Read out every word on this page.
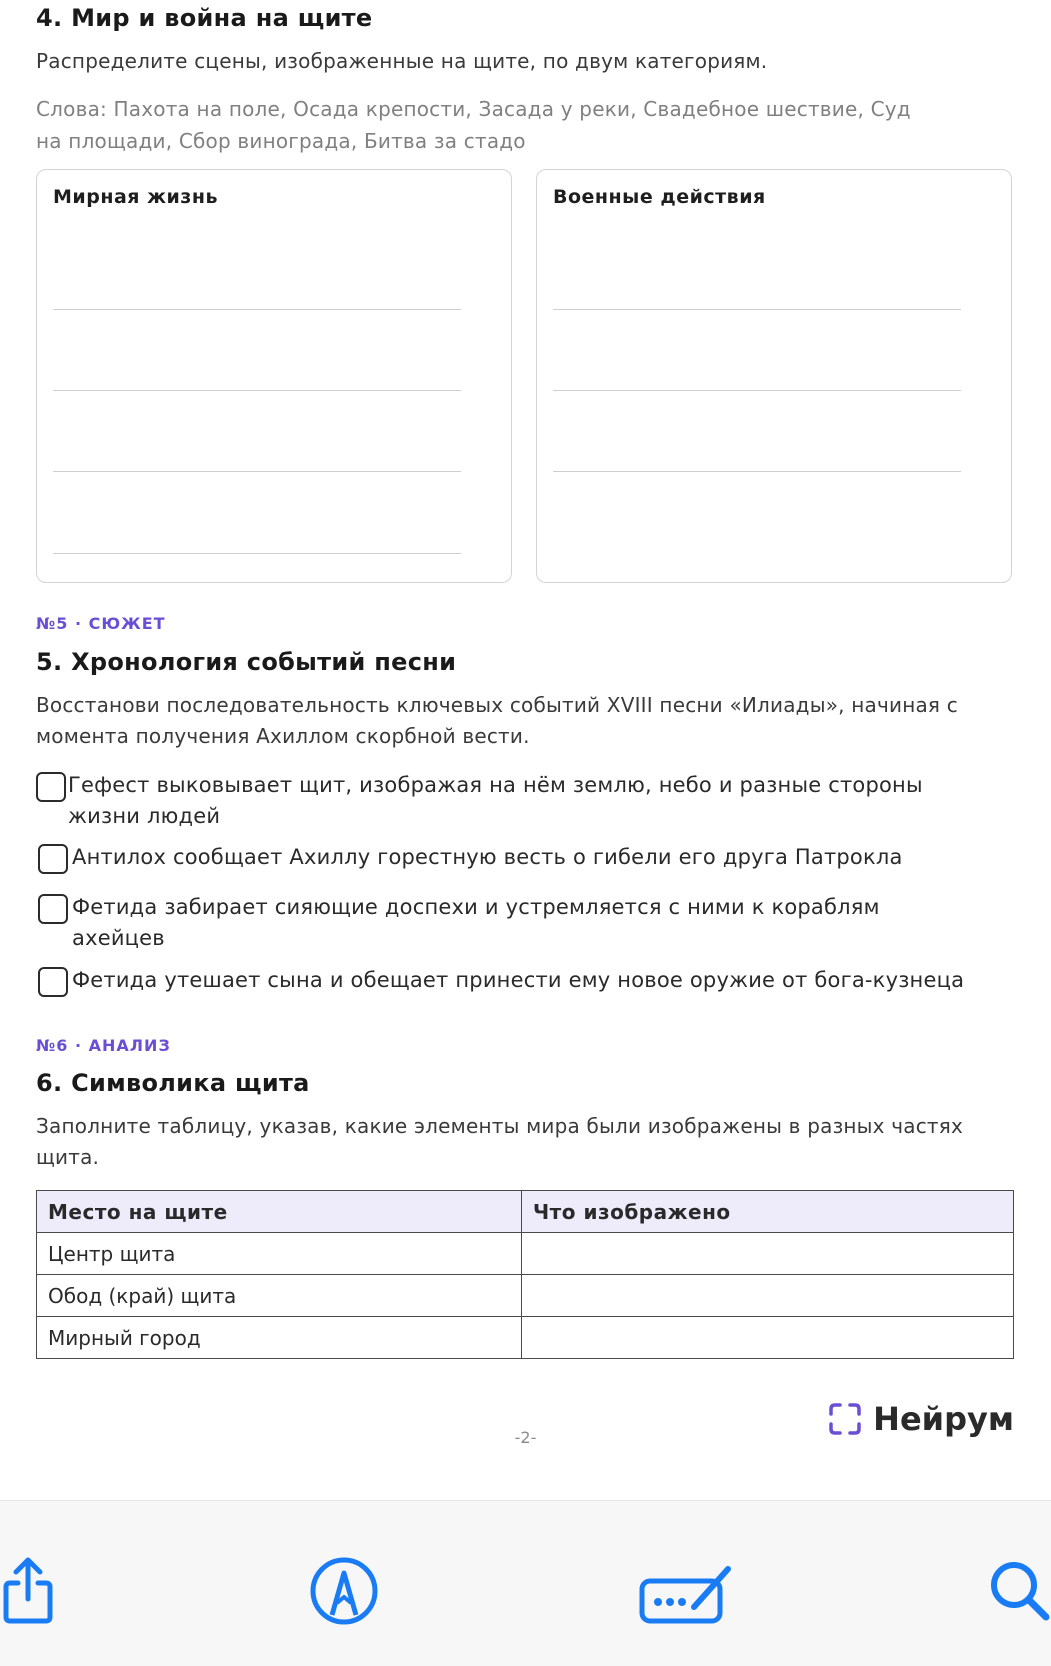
4. Мир и война на щите
Распределите сцены, изображенные на щите, по двум категориям.
Слова: Пахота на поле, Осада крепости, Засада у реки, Свадебное шествие, Суд
на площади, Сбор винограда, Битва за стадо
Мирная жизнь	Военные действия
№5 · СЮЖЕТ
5. Хронология событий песни
Восстанови последовательность ключевых событий XVIII песни «Илиады», начиная с
момента получения Ахиллом скорбной вести.
Гефест выковывает щит, изображая на нём землю, небо и разные стороны
жизни людей
Антилох сообщает Ахиллу горестную весть о гибели его друга Патрокла
Фетида забирает сияющие доспехи и устремляется с ними к кораблям
ахейцев
Фетида утешает сына и обещает принести ему новое оружие от бога-кузнеца
№6 · АНАЛИЗ
6. Символика щита
Заполните таблицу, указав, какие элементы мира были изображены в разных частях
щита.
Место на щите	Что изображено
Центр щита	
Обод (край) щита	
Мирный город	
-2-	Нейрум
